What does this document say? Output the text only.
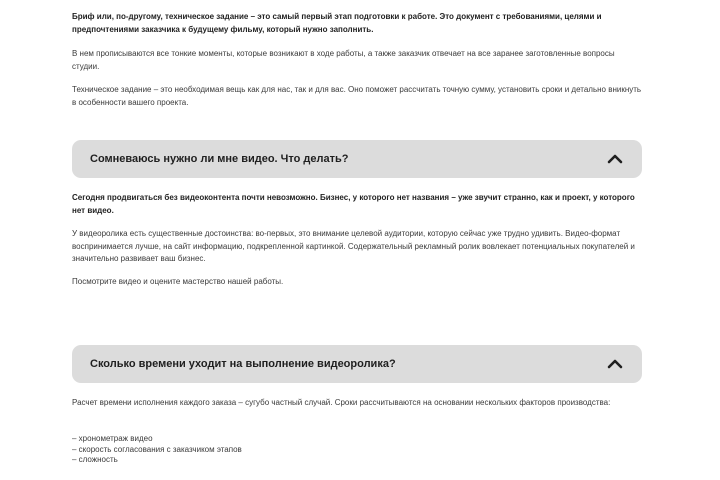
Бриф или, по-другому, техническое задание – это самый первый этап подготовки к работе. Это документ с требованиями, целями и предпочтениями заказчика к будущему фильму, который нужно заполнить.

В нем прописываются все тонкие моменты, которые возникают в ходе работы, а также заказчик отвечает на все заранее заготовленные вопросы студии.

Техническое задание – это необходимая вещь как для нас, так и для вас. Оно поможет рассчитать точную сумму, установить сроки и детально вникнуть в особенности вашего проекта.

Сомневаюсь нужно ли мне видео. Что делать?

Сегодня продвигаться без видеоконтента почти невозможно. Бизнес, у которого нет названия – уже звучит странно, как и проект, у которого нет видео.

У видеоролика есть существенные достоинства: во-первых, это внимание целевой аудитории, которую сейчас уже трудно удивить. Видео-формат воспринимается лучше, на сайт информацию, подкрепленной картинкой. Содержательный рекламный ролик вовлекает потенциальных покупателей и значительно развивает ваш бизнес.

Посмотрите видео и оцените мастерство нашей работы.

Сколько времени уходит на выполнение видеоролика?

Расчет времени исполнения каждого заказа – сугубо частный случай. Сроки рассчитываются на основании нескольких факторов производства:

– хронометраж видео
– скорость согласования с заказчиком этапов
– сложность
